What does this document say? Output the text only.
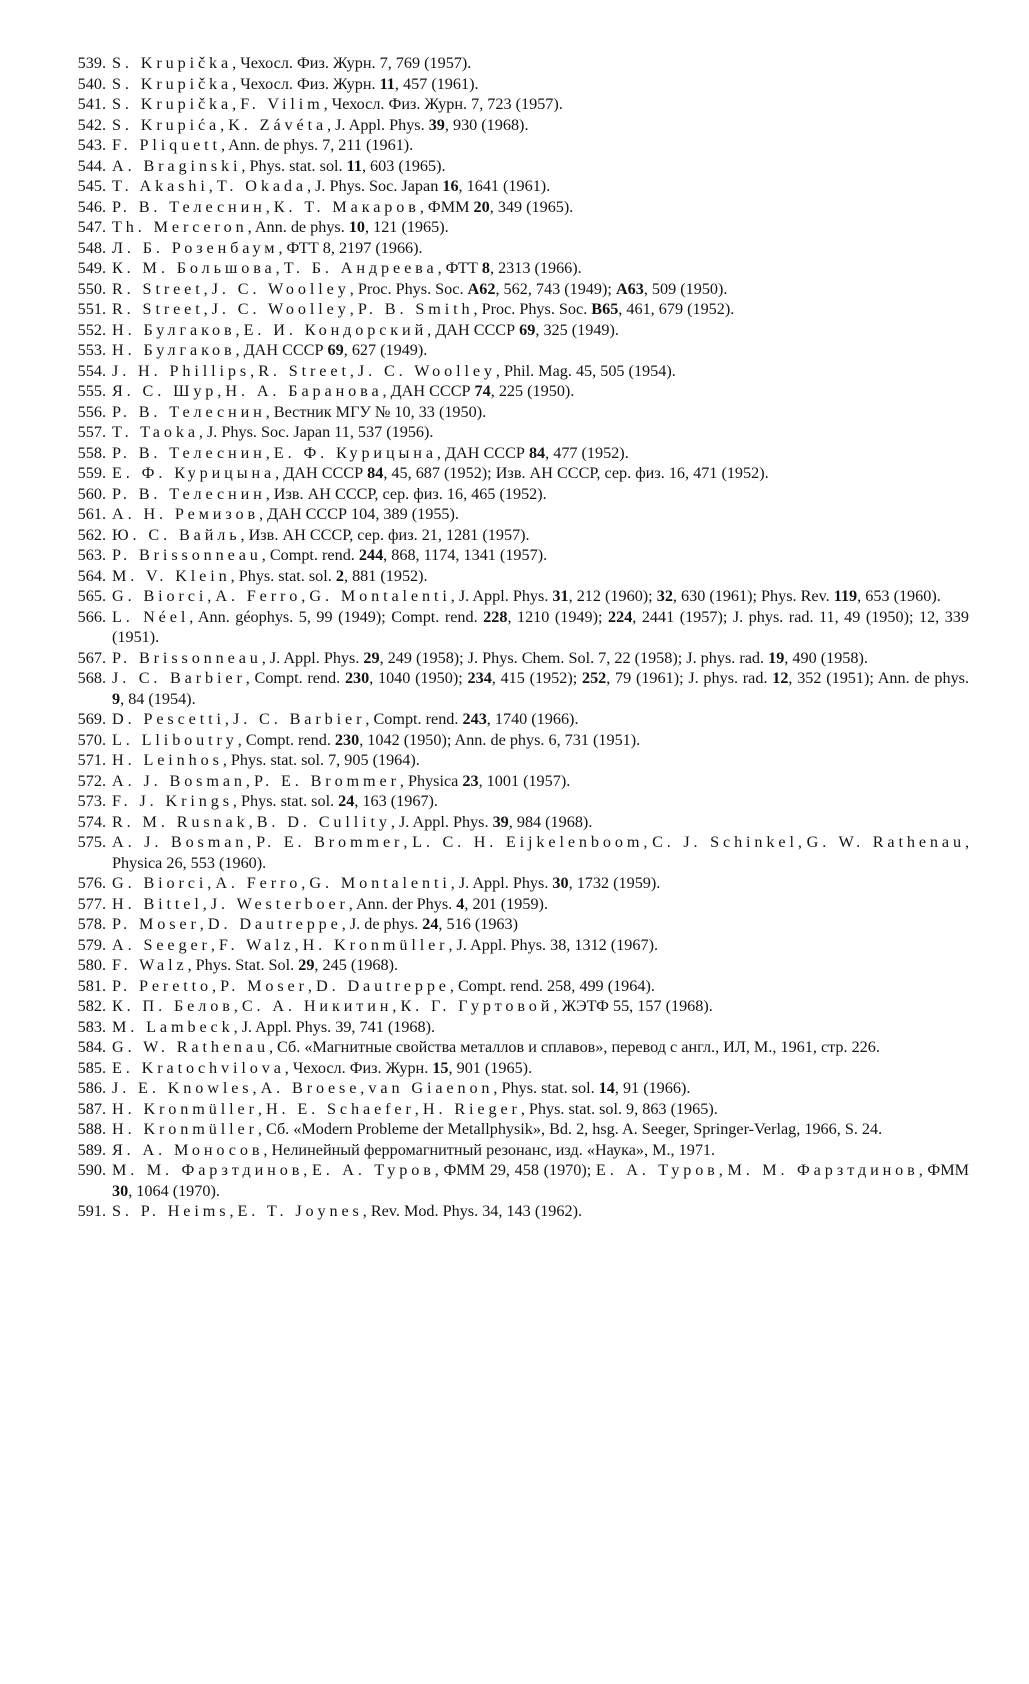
539. S. Krupička, Чехосл. Физ. Журн. 7, 769 (1957).
540. S. Krupička, Чехосл. Физ. Журн. 11, 457 (1961).
541. S. Krupička, F. Vilim, Чехосл. Физ. Журн. 7, 723 (1957).
542. S. Krupića, K. Závéta, J. Appl. Phys. 39, 930 (1968).
543. F. Pliquett, Ann. de phys. 7, 211 (1961).
544. A. Braginski, Phys. stat. sol. 11, 603 (1965).
545. T. Akashi, T. Okada, J. Phys. Soc. Japan 16, 1641 (1961).
546. Р. В. Телеснин, К. Т. Макаров, ФММ 20, 349 (1965).
547. Th. Merceron, Ann. de phys. 10, 121 (1965).
548. Л. Б. Розенбаум, ФТТ 8, 2197 (1966).
549. К. М. Большова, Т. Б. Андреева, ФТТ 8, 2313 (1966).
550. R. Street, J. C. Woolley, Proc. Phys. Soc. A62, 562, 743 (1949); A63, 509 (1950).
551. R. Street, J. C. Woolley, P. B. Smith, Proc. Phys. Soc. B65, 461, 679 (1952).
552. Н. Булгаков, Е. И. Кондорский, ДАН СССР 69, 325 (1949).
553. Н. Булгаков, ДАН СССР 69, 627 (1949).
554. J. H. Phillips, R. Street, J. C. Woolley, Phil. Mag. 45, 505 (1954).
555. Я. С. Шур, Н. А. Баранова, ДАН СССР 74, 225 (1950).
556. Р. В. Телеснин, Вестник МГУ № 10, 33 (1950).
557. T. Taoka, J. Phys. Soc. Japan 11, 537 (1956).
558. Р. В. Телеснин, Е. Ф. Курицына, ДАН СССР 84, 477 (1952).
559. Е. Ф. Курицына, ДАН СССР 84, 45, 687 (1952); Изв. АН СССР, сер. физ. 16, 471 (1952).
560. Р. В. Телеснин, Изв. АН СССР, сер. физ. 16, 465 (1952).
561. А. Н. Ремизов, ДАН СССР 104, 389 (1955).
562. Ю. С. Вайль, Изв. АН СССР, сер. физ. 21, 1281 (1957).
563. P. Brissonneau, Compt. rend. 244, 868, 1174, 1341 (1957).
564. M. V. Klein, Phys. stat. sol. 2, 881 (1952).
565. G. Biorci, A. Ferro, G. Montalenti, J. Appl. Phys. 31, 212 (1960); 32, 630 (1961); Phys. Rev. 119, 653 (1960).
566. L. Néel, Ann. géophys. 5, 99 (1949); Compt. rend. 228, 1210 (1949); 224, 2441 (1957); J. phys. rad. 11, 49 (1950); 12, 339 (1951).
567. P. Brissonneau, J. Appl. Phys. 29, 249 (1958); J. Phys. Chem. Sol. 7, 22 (1958); J. phys. rad. 19, 490 (1958).
568. J. C. Barbier, Compt. rend. 230, 1040 (1950); 234, 415 (1952); 252, 79 (1961); J. phys. rad. 12, 352 (1951); Ann. de phys. 9, 84 (1954).
569. D. Pescetti, J. C. Barbier, Compt. rend. 243, 1740 (1966).
570. L. Lliboutry, Compt. rend. 230, 1042 (1950); Ann. de phys. 6, 731 (1951).
571. H. Leinhos, Phys. stat. sol. 7, 905 (1964).
572. A. J. Bosman, P. E. Brommer, Physica 23, 1001 (1957).
573. F. J. Krings, Phys. stat. sol. 24, 163 (1967).
574. R. M. Rusnak, B. D. Cullity, J. Appl. Phys. 39, 984 (1968).
575. A. J. Bosman, P. E. Brommer, L. C. H. Eijkelenboom, C. J. Schinkel, G. W. Rathenau, Physica 26, 553 (1960).
576. G. Biorci, A. Ferro, G. Montalenti, J. Appl. Phys. 30, 1732 (1959).
577. H. Bittel, J. Westerboer, Ann. der Phys. 4, 201 (1959).
578. P. Moser, D. Dautreppe, J. de phys. 24, 516 (1963)
579. A. Seeger, F. Walz, H. Kronmüller, J. Appl. Phys. 38, 1312 (1967).
580. F. Walz, Phys. Stat. Sol. 29, 245 (1968).
581. P. Peretto, P. Moser, D. Dautreppe, Compt. rend. 258, 499 (1964).
582. К. П. Белов, С. А. Никитин, К. Г. Гуртовой, ЖЭТФ 55, 157 (1968).
583. M. Lambeck, J. Appl. Phys. 39, 741 (1968).
584. G. W. Rathenau, Сб. «Магнитные свойства металлов и сплавов», перевод с англ., ИЛ, М., 1961, стр. 226.
585. E. Kratochvilova, Чехосл. Физ. Журн. 15, 901 (1965).
586. J. E. Knowles, A. Broese, van Giaenon, Phys. stat. sol. 14, 91 (1966).
587. H. Kronmüller, H. E. Schaefer, H. Rieger, Phys. stat. sol. 9, 863 (1965).
588. H. Kronmüller, Сб. «Modern Probleme der Metallphysik», Bd. 2, hsg. A. Seeger, Springer-Verlag, 1966, S. 24.
589. Я. А. Моносов, Нелинейный ферромагнитный резонанс, изд. «Наука», М., 1971.
590. М. М. Фарзтдинов, Е. А. Туров, ФММ 29, 458 (1970); Е. А. Туров, М. М. Фарзтдинов, ФММ 30, 1064 (1970).
591. S. P. Heims, E. T. Joynes, Rev. Mod. Phys. 34, 143 (1962).
